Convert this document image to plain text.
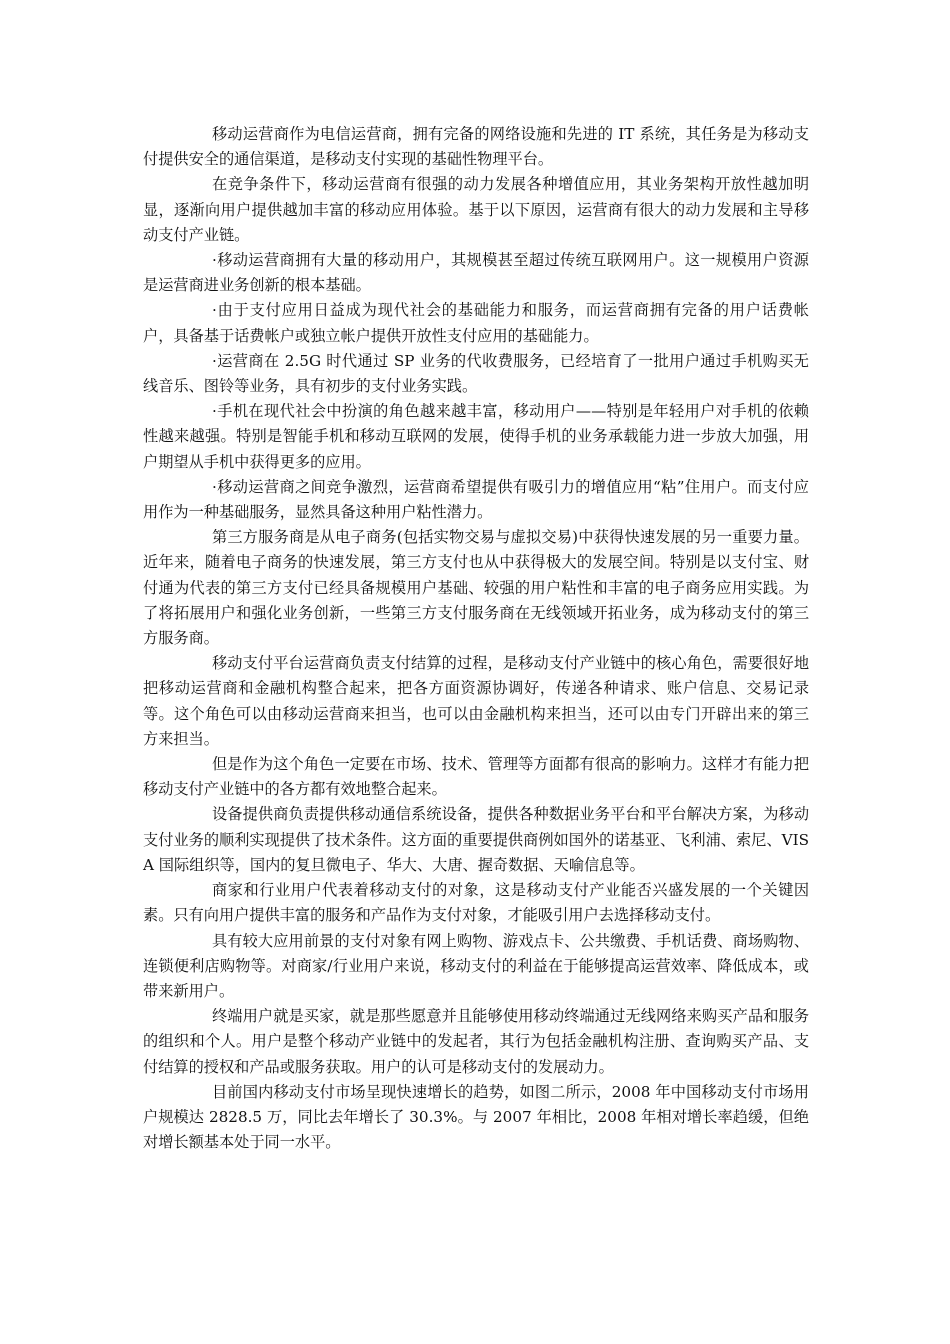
移动运营商作为电信运营商，拥有完备的网络设施和先进的 IT 系统，其任务是为移动支付提供安全的通信渠道，是移动支付实现的基础性物理平台。

在竞争条件下，移动运营商有很强的动力发展各种增值应用，其业务架构开放性越加明显，逐渐向用户提供越加丰富的移动应用体验。基于以下原因，运营商有很大的动力发展和主导移动支付产业链。

·移动运营商拥有大量的移动用户，其规模甚至超过传统互联网用户。这一规模用户资源是运营商进业务创新的根本基础。

·由于支付应用日益成为现代社会的基础能力和服务，而运营商拥有完备的用户话费帐户，具备基于话费帐户或独立帐户提供开放性支付应用的基础能力。

·运营商在 2.5G 时代通过 SP 业务的代收费服务，已经培育了一批用户通过手机购买无线音乐、图铃等业务，具有初步的支付业务实践。

·手机在现代社会中扮演的角色越来越丰富，移动用户——特别是年轻用户对手机的依赖性越来越强。特别是智能手机和移动互联网的发展，使得手机的业务承载能力进一步放大加强，用户期望从手机中获得更多的应用。

·移动运营商之间竞争激烈，运营商希望提供有吸引力的增值应用“粘”住用户。而支付应用作为一种基础服务，显然具备这种用户粘性潜力。

第三方服务商是从电子商务(包括实物交易与虚拟交易)中获得快速发展的另一重要力量。近年来，随着电子商务的快速发展，第三方支付也从中获得极大的发展空间。特别是以支付宝、财付通为代表的第三方支付已经具备规模用户基础、较强的用户粘性和丰富的电子商务应用实践。为了将拓展用户和强化业务创新，一些第三方支付服务商在无线领域开拓业务，成为移动支付的第三方服务商。

移动支付平台运营商负责支付结算的过程，是移动支付产业链中的核心角色，需要很好地把移动运营商和金融机构整合起来，把各方面资源协调好，传递各种请求、账户信息、交易记录等。这个角色可以由移动运营商来担当，也可以由金融机构来担当，还可以由专门开辟出来的第三方来担当。

但是作为这个角色一定要在市场、技术、管理等方面都有很高的影响力。这样才有能力把移动支付产业链中的各方都有效地整合起来。

设备提供商负责提供移动通信系统设备，提供各种数据业务平台和平台解决方案，为移动支付业务的顺利实现提供了技术条件。这方面的重要提供商例如国外的诺基亚、飞利浦、索尼、VISA 国际组织等，国内的复旦微电子、华大、大唐、握奇数据、天喻信息等。

商家和行业用户代表着移动支付的对象，这是移动支付产业能否兴盛发展的一个关键因素。只有向用户提供丰富的服务和产品作为支付对象，才能吸引用户去选择移动支付。

具有较大应用前景的支付对象有网上购物、游戏点卡、公共缴费、手机话费、商场购物、连锁便利店购物等。对商家/行业用户来说，移动支付的利益在于能够提高运营效率、降低成本，或带来新用户。

终端用户就是买家，就是那些愿意并且能够使用移动终端通过无线网络来购买产品和服务的组织和个人。用户是整个移动产业链中的发起者，其行为包括金融机构注册、查询购买产品、支付结算的授权和产品或服务获取。用户的认可是移动支付的发展动力。

目前国内移动支付市场呈现快速增长的趋势，如图二所示，2008 年中国移动支付市场用户规模达 2828.5 万，同比去年增长了 30.3%。与 2007 年相比，2008 年相对增长率趋缓，但绝对增长额基本处于同一水平。
